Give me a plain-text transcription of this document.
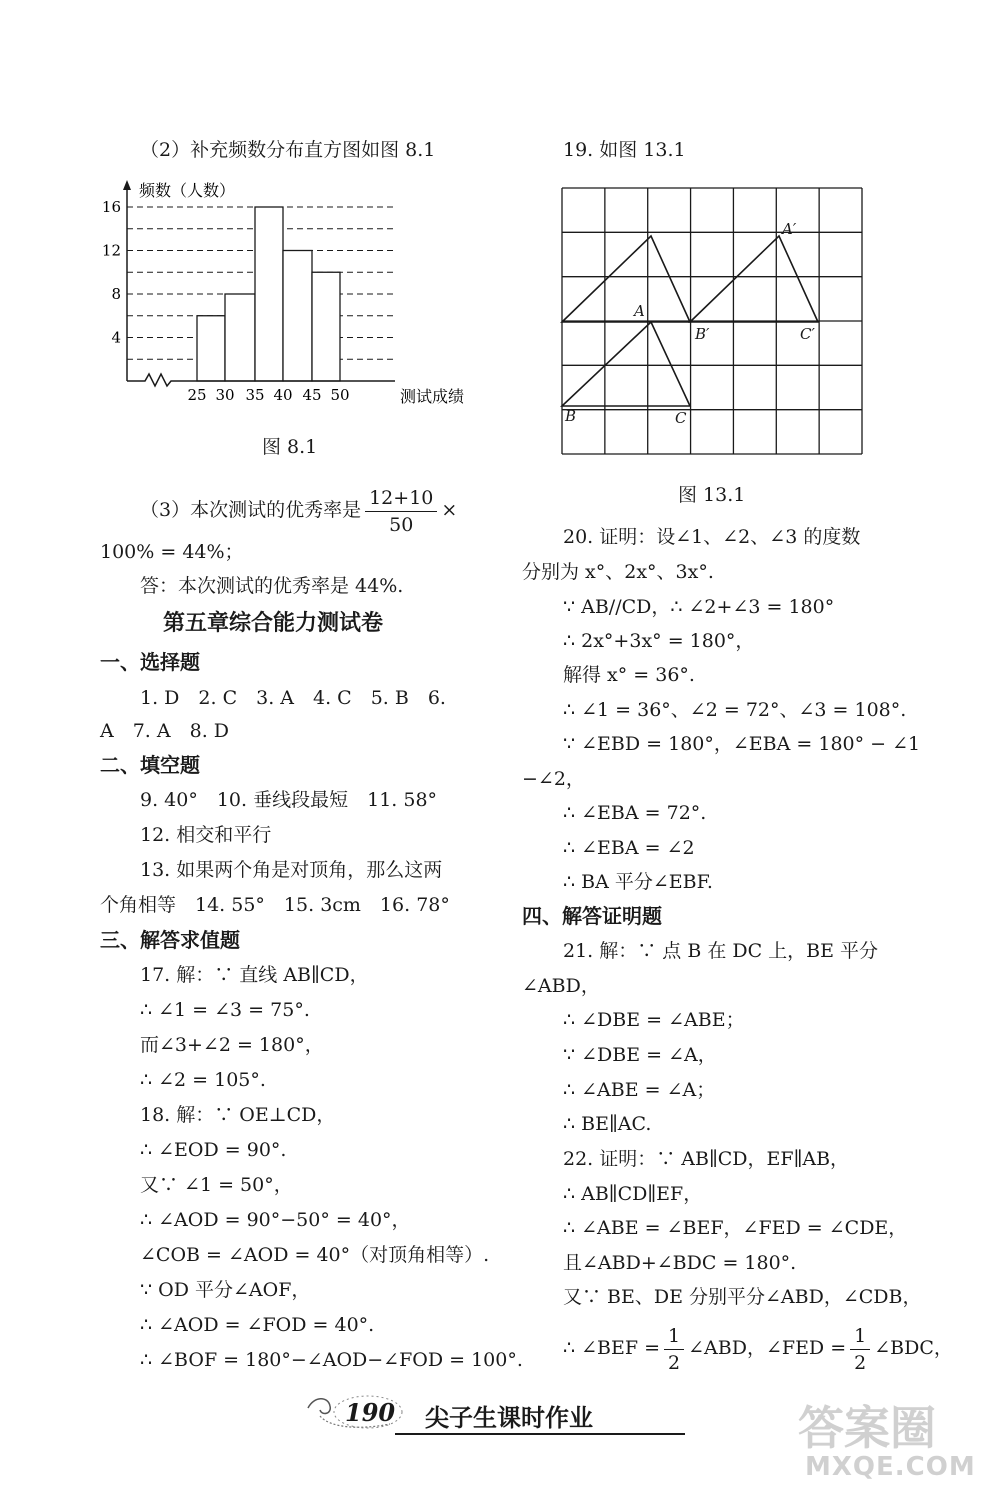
（2）补充频数分布直方图如图 8.1
频数（人数）
4
8
12
16
25 30 35 40 45 50	测试成绩
图 8.1
（3）本次测试的优秀率是 $\frac{12+10}{50}$ ×
100% = 44%；
答：本次测试的优秀率是 44%.
第五章综合能力测试卷
一、选择题
1. D　2. C　3. A　4. C　5. B　6.
A　7. A　8. D
二、填空题
9. 40°　10. 垂线段最短　11. 58°
12. 相交和平行
13. 如果两个角是对顶角，那么这两
个角相等　14. 55°　15. 3cm　16. 78°
三、解答求值题
17. 解：∵ 直线 AB∥CD，
∴ ∠1 = ∠3 = 75°.
而∠3+∠2 = 180°，
∴ ∠2 = 105°.
18. 解：∵ OE⊥CD，
∴ ∠EOD = 90°.
又∵ ∠1 = 50°，
∴ ∠AOD = 90°−50° = 40°，
∠COB = ∠AOD = 40°（对顶角相等）.
∵ OD 平分∠AOF，
∴ ∠AOD = ∠FOD = 40°.
∴ ∠BOF = 180°−∠AOD−∠FOD = 100°.
19. 如图 13.1
A
B	C
A′
B′	C′
图 13.1
20. 证明：设∠1、∠2、∠3 的度数
分别为 x°、2x°、3x°.
∵ AB//CD，∴ ∠2+∠3 = 180°
∴ 2x°+3x° = 180°，
解得 x° = 36°.
∴ ∠1 = 36°、∠2 = 72°、∠3 = 108°.
∵ ∠EBD = 180°，∠EBA = 180° − ∠1
−∠2，
∴ ∠EBA = 72°.
∴ ∠EBA = ∠2
∴ BA 平分∠EBF.
四、解答证明题
21. 解：∵ 点 B 在 DC 上，BE 平分
∠ABD，
∴ ∠DBE = ∠ABE；
∵ ∠DBE = ∠A，
∴ ∠ABE = ∠A；
∴ BE∥AC.
22. 证明：∵ AB∥CD，EF∥AB，
∴ AB∥CD∥EF，
∴ ∠ABE = ∠BEF，∠FED = ∠CDE，
且∠ABD+∠BDC = 180°.
又∵ BE、DE 分别平分∠ABD，∠CDB，
∴ ∠BEF = $\frac{1}{2}$ ∠ABD，∠FED = $\frac{1}{2}$ ∠BDC，
190 尖子生课时作业	答案圈
MXQE.COM
